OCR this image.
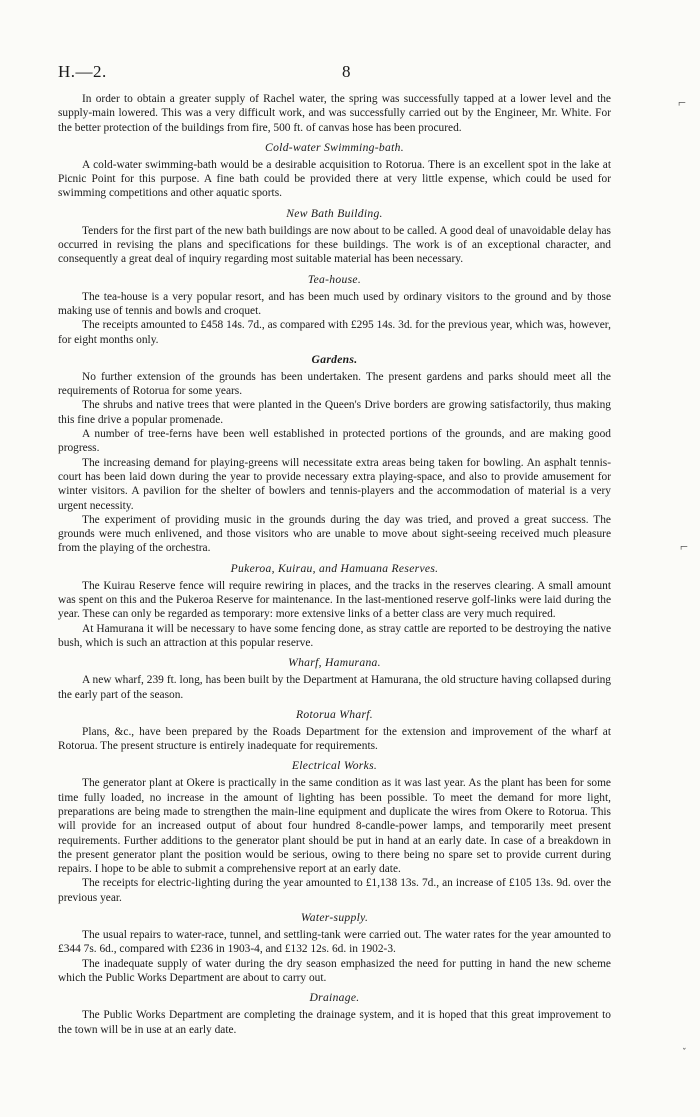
H.—2.	8

In order to obtain a greater supply of Rachel water, the spring was successfully tapped at a lower level and the supply-main lowered. This was a very difficult work, and was successfully carried out by the Engineer, Mr. White. For the better protection of the buildings from fire, 500 ft. of canvas hose has been procured.

Cold-water Swimming-bath.

A cold-water swimming-bath would be a desirable acquisition to Rotorua. There is an excellent spot in the lake at Picnic Point for this purpose. A fine bath could be provided there at very little expense, which could be used for swimming competitions and other aquatic sports.

New Bath Building.

Tenders for the first part of the new bath buildings are now about to be called. A good deal of unavoidable delay has occurred in revising the plans and specifications for these buildings. The work is of an exceptional character, and consequently a great deal of inquiry regarding most suitable material has been necessary.

Tea-house.

The tea-house is a very popular resort, and has been much used by ordinary visitors to the ground and by those making use of tennis and bowls and croquet.

The receipts amounted to £458 14s. 7d., as compared with £295 14s. 3d. for the previous year, which was, however, for eight months only.

Gardens.

No further extension of the grounds has been undertaken. The present gardens and parks should meet all the requirements of Rotorua for some years.

The shrubs and native trees that were planted in the Queen's Drive borders are growing satisfactorily, thus making this fine drive a popular promenade.

A number of tree-ferns have been well established in protected portions of the grounds, and are making good progress.

The increasing demand for playing-greens will necessitate extra areas being taken for bowling. An asphalt tennis-court has been laid down during the year to provide necessary extra playing-space, and also to provide amusement for winter visitors. A pavilion for the shelter of bowlers and tennis-players and the accommodation of material is a very urgent necessity.

The experiment of providing music in the grounds during the day was tried, and proved a great success. The grounds were much enlivened, and those visitors who are unable to move about sight-seeing received much pleasure from the playing of the orchestra.

Pukeroa, Kuirau, and Hamuana Reserves.

The Kuirau Reserve fence will require rewiring in places, and the tracks in the reserves clearing. A small amount was spent on this and the Pukeroa Reserve for maintenance. In the last-mentioned reserve golf-links were laid during the year. These can only be regarded as temporary: more extensive links of a better class are very much required.

At Hamurana it will be necessary to have some fencing done, as stray cattle are reported to be destroying the native bush, which is such an attraction at this popular reserve.

Wharf, Hamurana.

A new wharf, 239 ft. long, has been built by the Department at Hamurana, the old structure having collapsed during the early part of the season.

Rotorua Wharf.

Plans, &c., have been prepared by the Roads Department for the extension and improvement of the wharf at Rotorua. The present structure is entirely inadequate for requirements.

Electrical Works.

The generator plant at Okere is practically in the same condition as it was last year. As the plant has been for some time fully loaded, no increase in the amount of lighting has been possible. To meet the demand for more light, preparations are being made to strengthen the main-line equipment and duplicate the wires from Okere to Rotorua. This will provide for an increased output of about four hundred 8-candle-power lamps, and temporarily meet present requirements. Further additions to the generator plant should be put in hand at an early date. In case of a breakdown in the present generator plant the position would be serious, owing to there being no spare set to provide current during repairs. I hope to be able to submit a comprehensive report at an early date.

The receipts for electric-lighting during the year amounted to £1,138 13s. 7d., an increase of £105 13s. 9d. over the previous year.

Water-supply.

The usual repairs to water-race, tunnel, and settling-tank were carried out. The water rates for the year amounted to £344 7s. 6d., compared with £236 in 1903-4, and £132 12s. 6d. in 1902-3.

The inadequate supply of water during the dry season emphasized the need for putting in hand the new scheme which the Public Works Department are about to carry out.

Drainage.

The Public Works Department are completing the drainage system, and it is hoped that this great improvement to the town will be in use at an early date.

⌐
⌐
˯
